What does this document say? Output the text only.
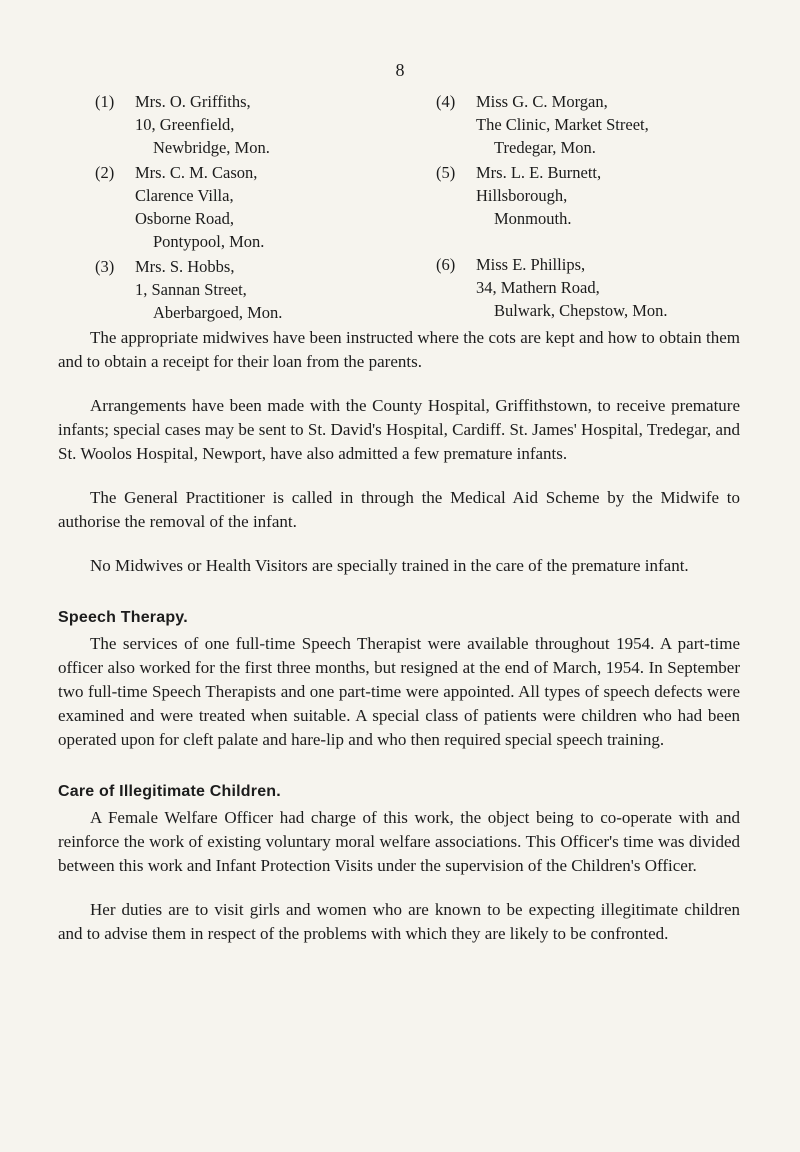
8
(1)	Mrs. O. Griffiths,
10, Greenfield,
Newbridge, Mon.
(2)	Mrs. C. M. Cason,
Clarence Villa,
Osborne Road,
Pontypool, Mon.
(3)	Mrs. S. Hobbs,
1, Sannan Street,
Aberbargoed, Mon.
(4)	Miss G. C. Morgan,
The Clinic, Market Street,
Tredegar, Mon.
(5)	Mrs. L. E. Burnett,
Hillsborough,
Monmouth.
(6)	Miss E. Phillips,
34, Mathern Road,
Bulwark, Chepstow, Mon.

The appropriate midwives have been instructed where the cots are kept and how to obtain them and to obtain a receipt for their loan from the parents.

Arrangements have been made with the County Hospital, Griffithstown, to receive premature infants; special cases may be sent to St. David's Hospital, Cardiff. St. James' Hospital, Tredegar, and St. Woolos Hospital, Newport, have also admitted a few premature infants.

The General Practitioner is called in through the Medical Aid Scheme by the Midwife to authorise the removal of the infant.

No Midwives or Health Visitors are specially trained in the care of the premature infant.

Speech Therapy.

The services of one full-time Speech Therapist were available throughout 1954. A part-time officer also worked for the first three months, but resigned at the end of March, 1954. In September two full-time Speech Therapists and one part-time were appointed. All types of speech defects were examined and were treated when suitable. A special class of patients were children who had been operated upon for cleft palate and hare-lip and who then required special speech training.

Care of Illegitimate Children.

A Female Welfare Officer had charge of this work, the object being to co-operate with and reinforce the work of existing voluntary moral welfare associations. This Officer's time was divided between this work and Infant Protection Visits under the supervision of the Children's Officer.

Her duties are to visit girls and women who are known to be expecting illegitimate children and to advise them in respect of the problems with which they are likely to be confronted.
